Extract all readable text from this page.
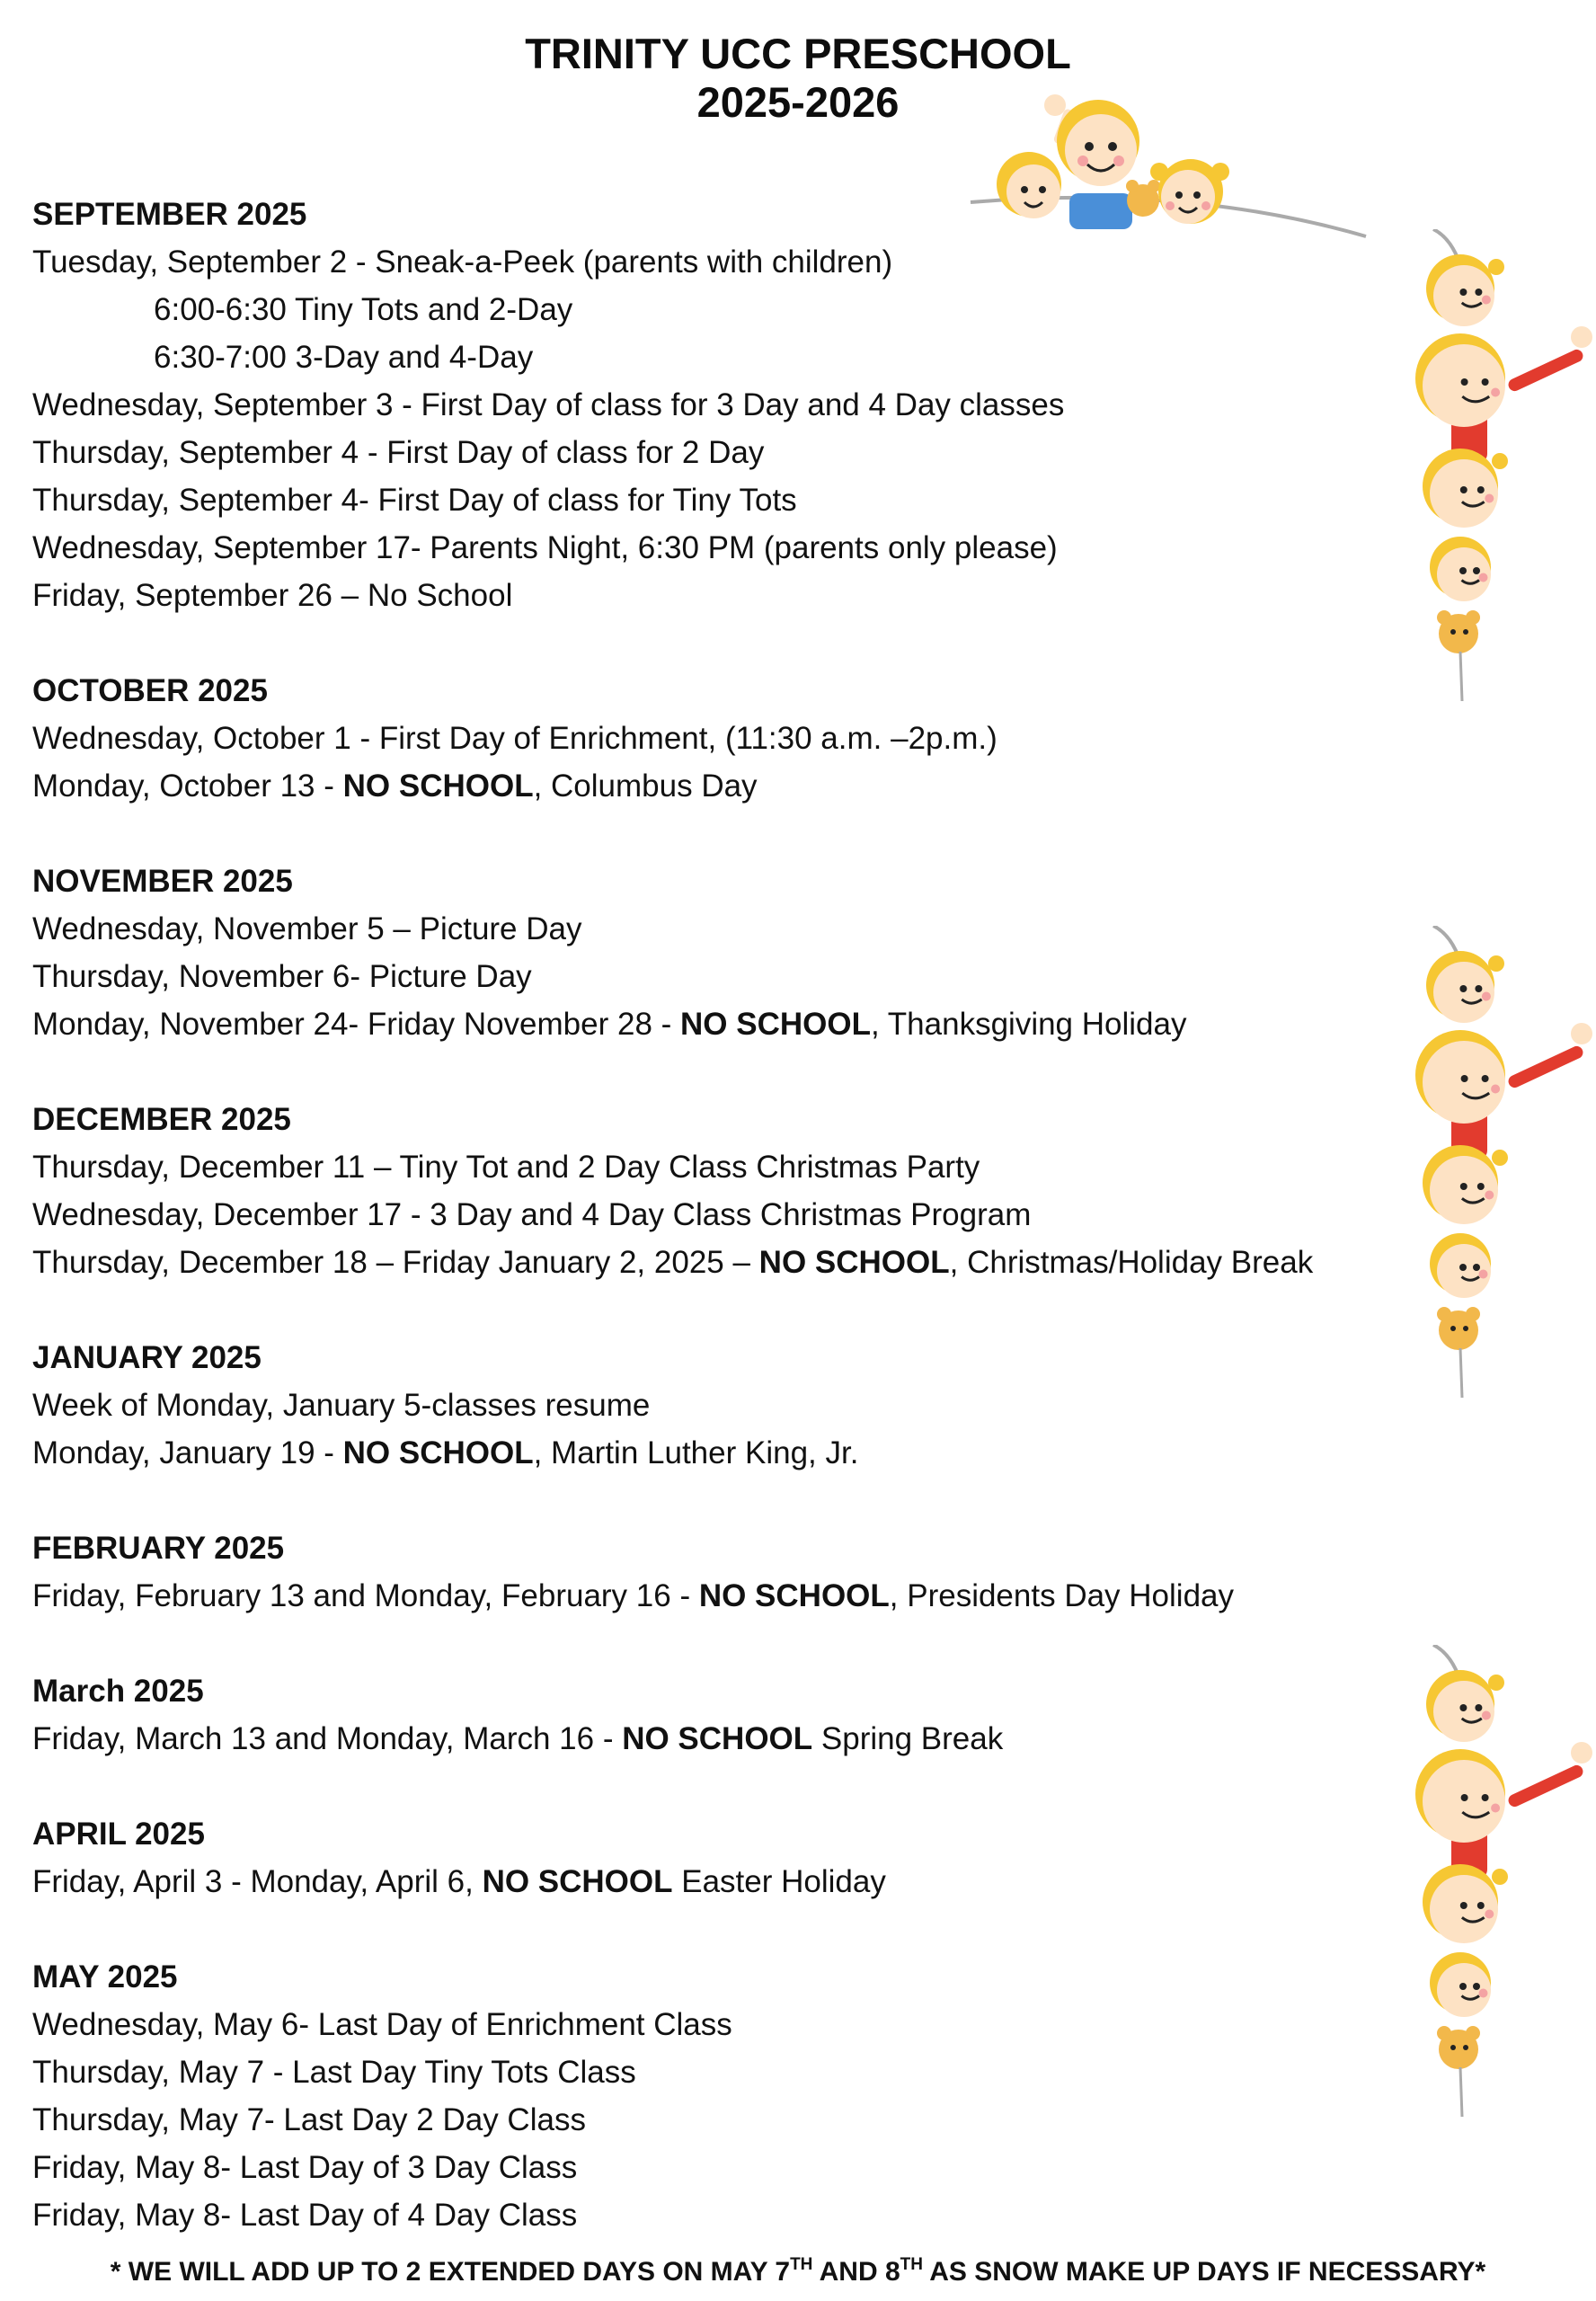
TRINITY UCC PRESCHOOL
2025-2026
SEPTEMBER 2025
Tuesday, September 2 - Sneak-a-Peek (parents with children)
6:00-6:30 Tiny Tots and 2-Day
6:30-7:00 3-Day and 4-Day
Wednesday, September 3 - First Day of class for 3 Day and 4 Day classes
Thursday, September 4 - First Day of class for 2 Day
Thursday, September 4- First Day of class for Tiny Tots
Wednesday, September 17- Parents Night, 6:30 PM (parents only please)
Friday, September 26 – No School
OCTOBER 2025
Wednesday, October 1 - First Day of Enrichment, (11:30 a.m. –2p.m.)
Monday, October 13 - NO SCHOOL, Columbus Day
NOVEMBER 2025
Wednesday, November 5 – Picture Day
Thursday, November 6- Picture Day
Monday, November 24- Friday November 28 - NO SCHOOL, Thanksgiving Holiday
DECEMBER 2025
Thursday, December 11 – Tiny Tot and 2 Day Class Christmas Party
Wednesday, December 17 - 3 Day and 4 Day Class Christmas Program
Thursday, December 18 – Friday January 2, 2025 – NO SCHOOL, Christmas/Holiday Break
JANUARY 2025
Week of Monday, January 5-classes resume
Monday, January 19 - NO SCHOOL, Martin Luther King, Jr.
FEBRUARY 2025
Friday, February 13 and Monday, February 16 - NO SCHOOL, Presidents Day Holiday
March 2025
Friday, March 13 and Monday, March 16 - NO SCHOOL Spring Break
APRIL 2025
Friday, April 3 - Monday, April 6, NO SCHOOL Easter Holiday
MAY 2025
Wednesday, May 6- Last Day of Enrichment Class
Thursday, May 7 - Last Day Tiny Tots Class
Thursday, May 7- Last Day 2 Day Class
Friday, May 8- Last Day of 3 Day Class
Friday, May 8- Last Day of 4 Day Class
* WE WILL ADD UP TO 2 EXTENDED DAYS ON MAY 7TH AND 8TH AS SNOW MAKE UP DAYS IF NECESSARY*
